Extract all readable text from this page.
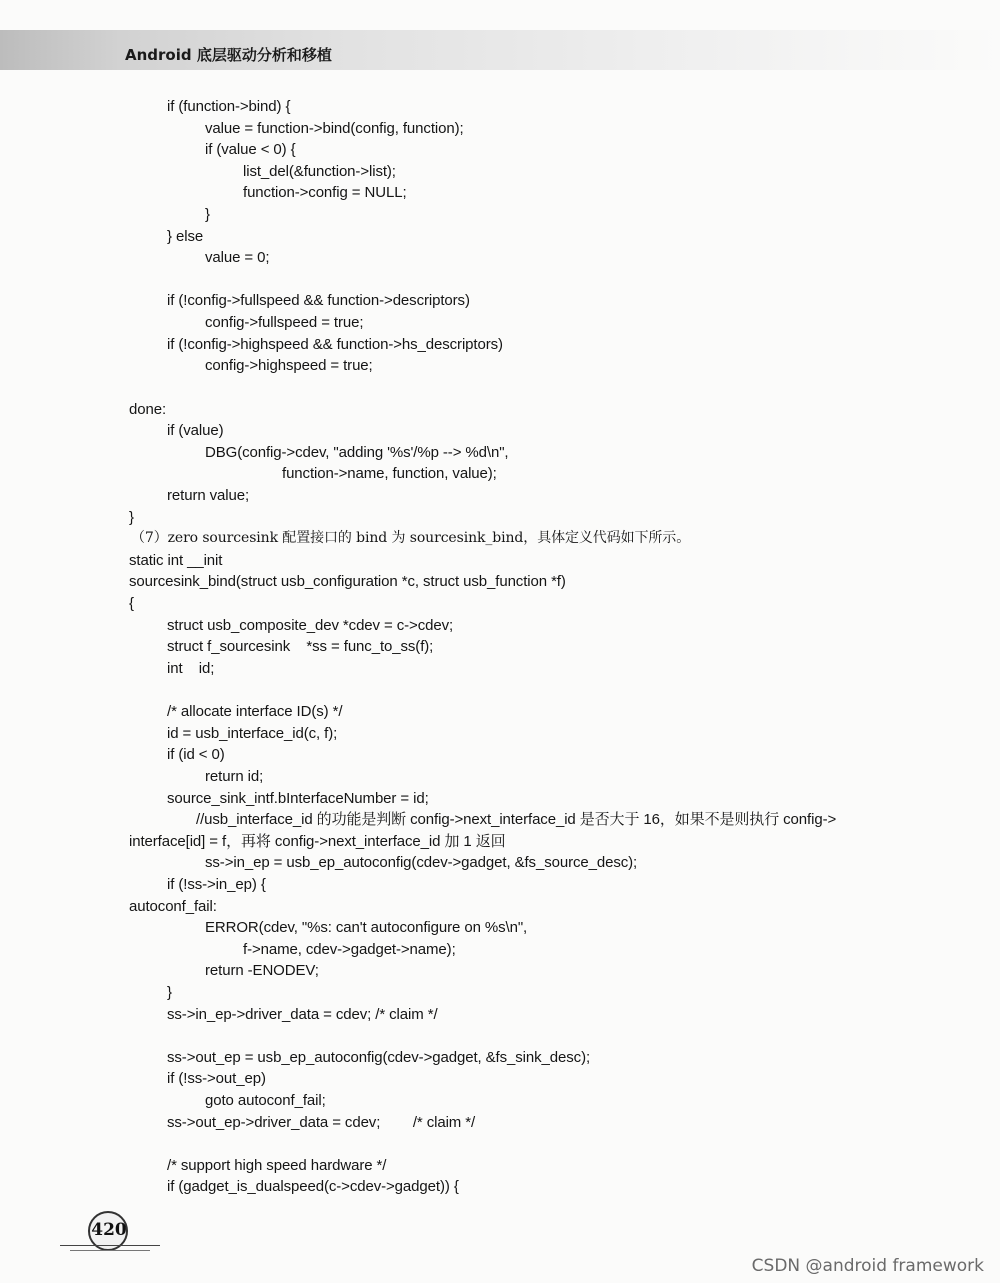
Android 底层驱动分析和移植
if (function->bind) {
value = function->bind(config, function);
if (value < 0) {
list_del(&function->list);
function->config = NULL;
}
} else
value = 0;
if (!config->fullspeed && function->descriptors)
config->fullspeed = true;
if (!config->highspeed && function->hs_descriptors)
config->highspeed = true;
done:
if (value)
DBG(config->cdev, "adding '%s'/%p --> %d\n",
function->name, function, value);
return value;
}
（7）zero sourcesink 配置接口的 bind 为 sourcesink_bind，具体定义代码如下所示。
static int __init
sourcesink_bind(struct usb_configuration *c, struct usb_function *f)
{
struct usb_composite_dev *cdev = c->cdev;
struct f_sourcesink    *ss = func_to_ss(f);
int    id;
/* allocate interface ID(s) */
id = usb_interface_id(c, f);
if (id < 0)
return id;
source_sink_intf.bInterfaceNumber = id;
//usb_interface_id 的功能是判断 config->next_interface_id 是否大于 16，如果不是则执行 config->
interface[id] = f，再将 config->next_interface_id 加 1 返回
ss->in_ep = usb_ep_autoconfig(cdev->gadget, &fs_source_desc);
if (!ss->in_ep) {
autoconf_fail:
ERROR(cdev, "%s: can't autoconfigure on %s\n",
f->name, cdev->gadget->name);
return -ENODEV;
}
ss->in_ep->driver_data = cdev; /* claim */
ss->out_ep = usb_ep_autoconfig(cdev->gadget, &fs_sink_desc);
if (!ss->out_ep)
goto autoconf_fail;
ss->out_ep->driver_data = cdev;        /* claim */
/* support high speed hardware */
if (gadget_is_dualspeed(c->cdev->gadget)) {
420
CSDN @android framework
